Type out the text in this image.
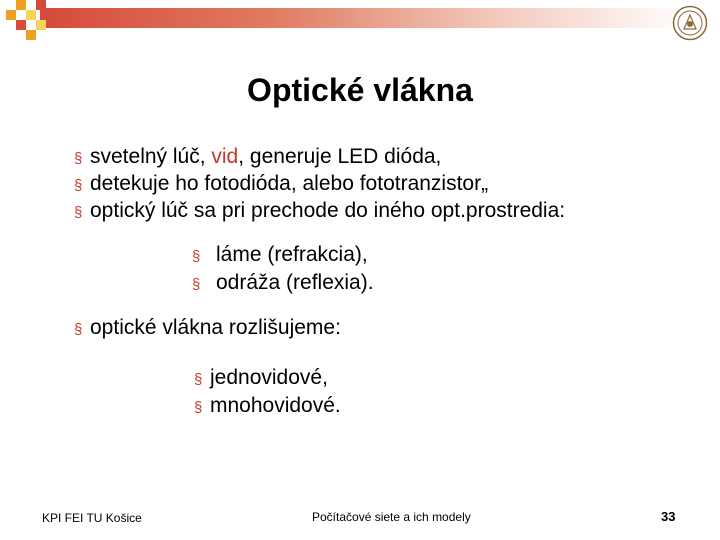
Optické vlákna
§ svetelný lúč, vid, generuje LED dióda,
§ detekuje ho fotodióda, alebo fototranzistor„
§ optický lúč sa pri prechode do iného opt.prostredia:
§ láme (refrakcia),
§ odráža (reflexia).
§ optické vlákna rozlišujeme:
§ jednovidové,
§ mnohovidové.
KPI FEI TU Košice	Počítačové siete a ich modely	33
